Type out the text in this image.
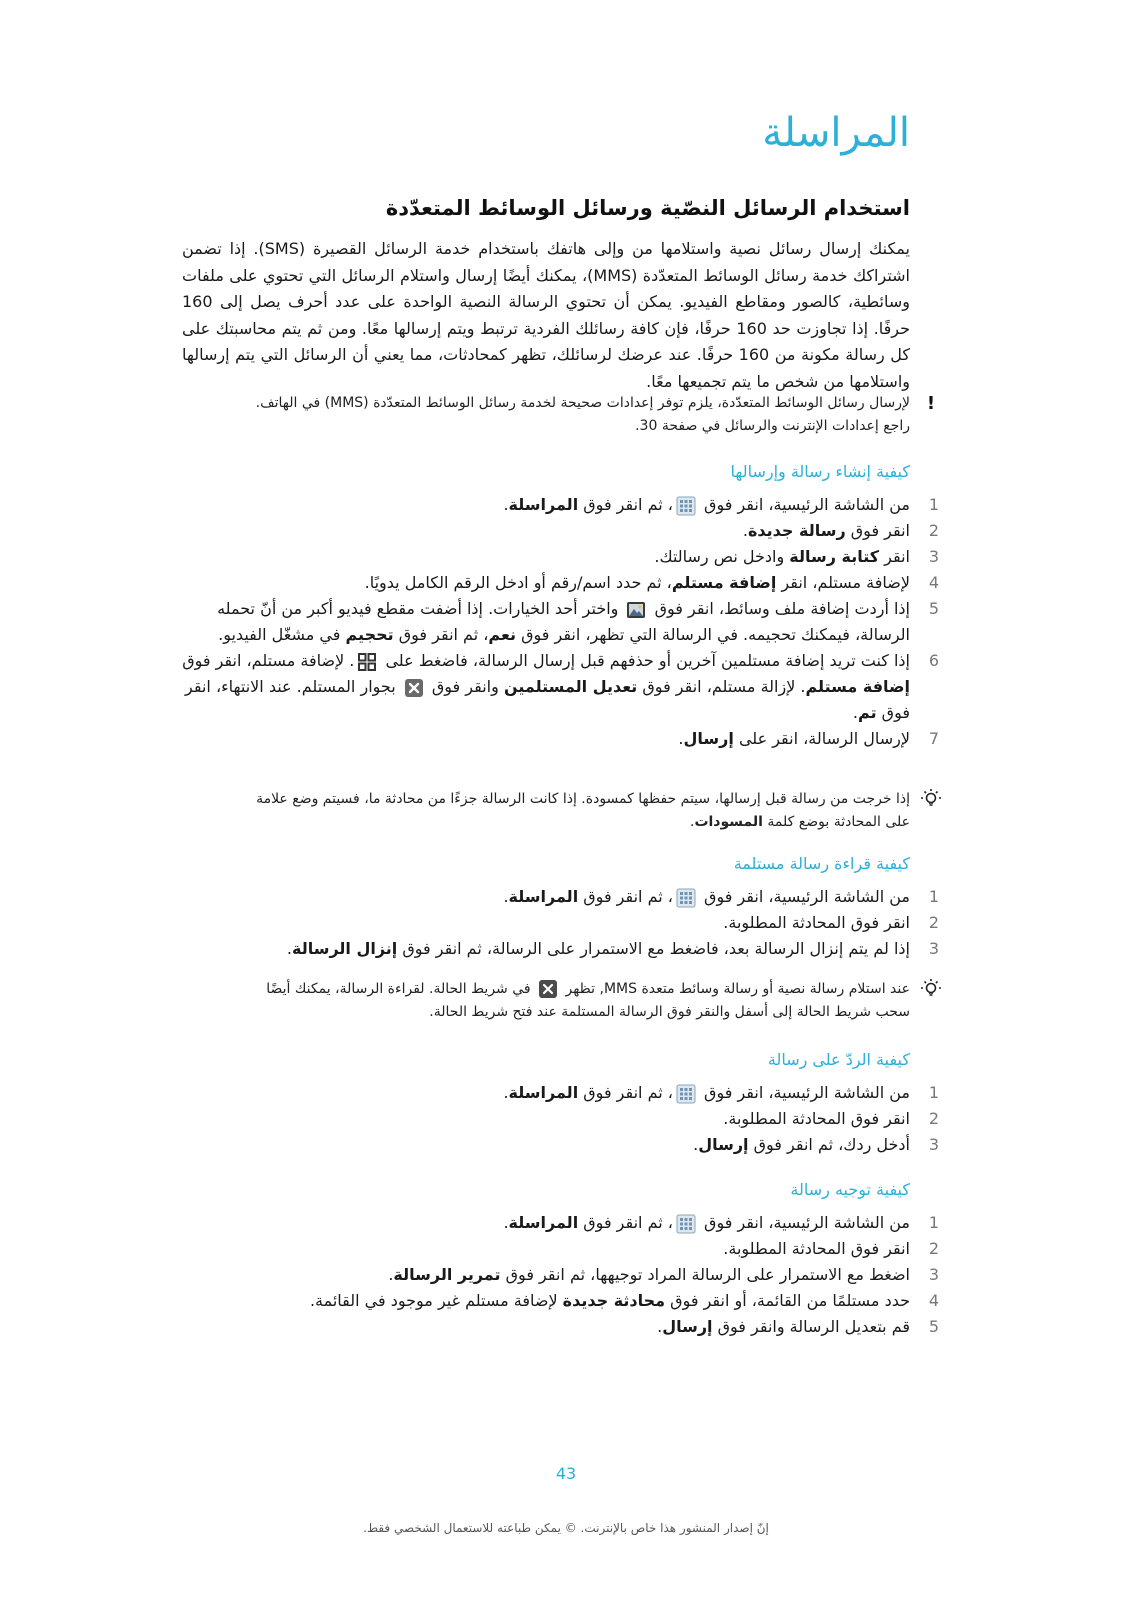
المراسلة
استخدام الرسائل النصّية ورسائل الوسائط المتعدّدة

يمكنك إرسال رسائل نصية واستلامها من وإلى هاتفك باستخدام خدمة الرسائل القصيرة (SMS). إذا تضمن اشتراكك خدمة رسائل الوسائط المتعدّدة (MMS)، يمكنك أيضًا إرسال واستلام الرسائل التي تحتوي على ملفات وسائطية، كالصور ومقاطع الفيديو. يمكن أن تحتوي الرسالة النصية الواحدة على عدد أحرف يصل إلى 160 حرفًا. إذا تجاوزت حد 160 حرفًا، فإن كافة رسائلك الفردية ترتبط ويتم إرسالها معًا. ومن ثم يتم محاسبتك على كل رسالة مكونة من 160 حرفًا. عند عرضك لرسائلك، تظهر كمحادثات، مما يعني أن الرسائل التي يتم إرسالها واستلامها من شخص ما يتم تجميعها معًا.

!
لإرسال رسائل الوسائط المتعدّدة، يلزم توفر إعدادات صحيحة لخدمة رسائل الوسائط المتعدّدة (MMS) في الهاتف.
راجع إعدادات الإنترنت والرسائل في صفحة 30.
كيفية إنشاء رسالة وإرسالها
1
من الشاشة الرئيسية، انقر فوق ، ثم انقر فوق المراسلة.
2
انقر فوق رسالة جديدة.
3
انقر كتابة رسالة وادخل نص رسالتك.
4
لإضافة مستلم، انقر إضافة مستلم، ثم حدد اسم/رقم أو ادخل الرقم الكامل يدويًا.
5
إذا أردت إضافة ملف وسائط، انقر فوق  واختر أحد الخيارات. إذا أضفت مقطع فيديو أكبر من أنّ تحمله الرسالة، فيمكنك تحجيمه. في الرسالة التي تظهر، انقر فوق نعم، ثم انقر فوق تحجيم في مشغّل الفيديو.
6
إذا كنت تريد إضافة مستلمين آخرين أو حذفهم قبل إرسال الرسالة، فاضغط على . لإضافة مستلم، انقر فوق إضافة مستلم. لإزالة مستلم، انقر فوق تعديل المستلمين وانقر فوق  بجوار المستلم. عند الانتهاء، انقر فوق تم.
7
لإرسال الرسالة، انقر على إرسال.
إذا خرجت من رسالة قبل إرسالها، سيتم حفظها كمسودة. إذا كانت الرسالة جزءًا من محادثة ما، فسيتم وضع علامة
على المحادثة بوضع كلمة المسودات.
كيفية قراءة رسالة مستلمة
1
من الشاشة الرئيسية، انقر فوق ، ثم انقر فوق المراسلة.
2
انقر فوق المحادثة المطلوبة.
3
إذا لم يتم إنزال الرسالة بعد، فاضغط مع الاستمرار على الرسالة، ثم انقر فوق إنزال الرسالة.
عند استلام رسالة نصية أو رسالة وسائط متعدة MMS, تظهر  في شريط الحالة. لقراءة الرسالة، يمكنك أيضًا
سحب شريط الحالة إلى أسفل والنقر فوق الرسالة المستلمة عند فتح شريط الحالة.
كيفية الردّ على رسالة
1
من الشاشة الرئيسية، انقر فوق ، ثم انقر فوق المراسلة.
2
انقر فوق المحادثة المطلوبة.
3
أدخل ردك، ثم انقر فوق إرسال.
كيفية توجيه رسالة
1
من الشاشة الرئيسية، انقر فوق ، ثم انقر فوق المراسلة.
2
انقر فوق المحادثة المطلوبة.
3
اضغط مع الاستمرار على الرسالة المراد توجيهها، ثم انقر فوق تمرير الرسالة.
4
حدد مستلمًا من القائمة، أو انقر فوق محادثة جديدة لإضافة مستلم غير موجود في القائمة.
5
قم بتعديل الرسالة وانقر فوق إرسال.
43
إنّ إصدار المنشور هذا خاص بالإنترنت. © يمكن طباعته للاستعمال الشخصي فقط.
